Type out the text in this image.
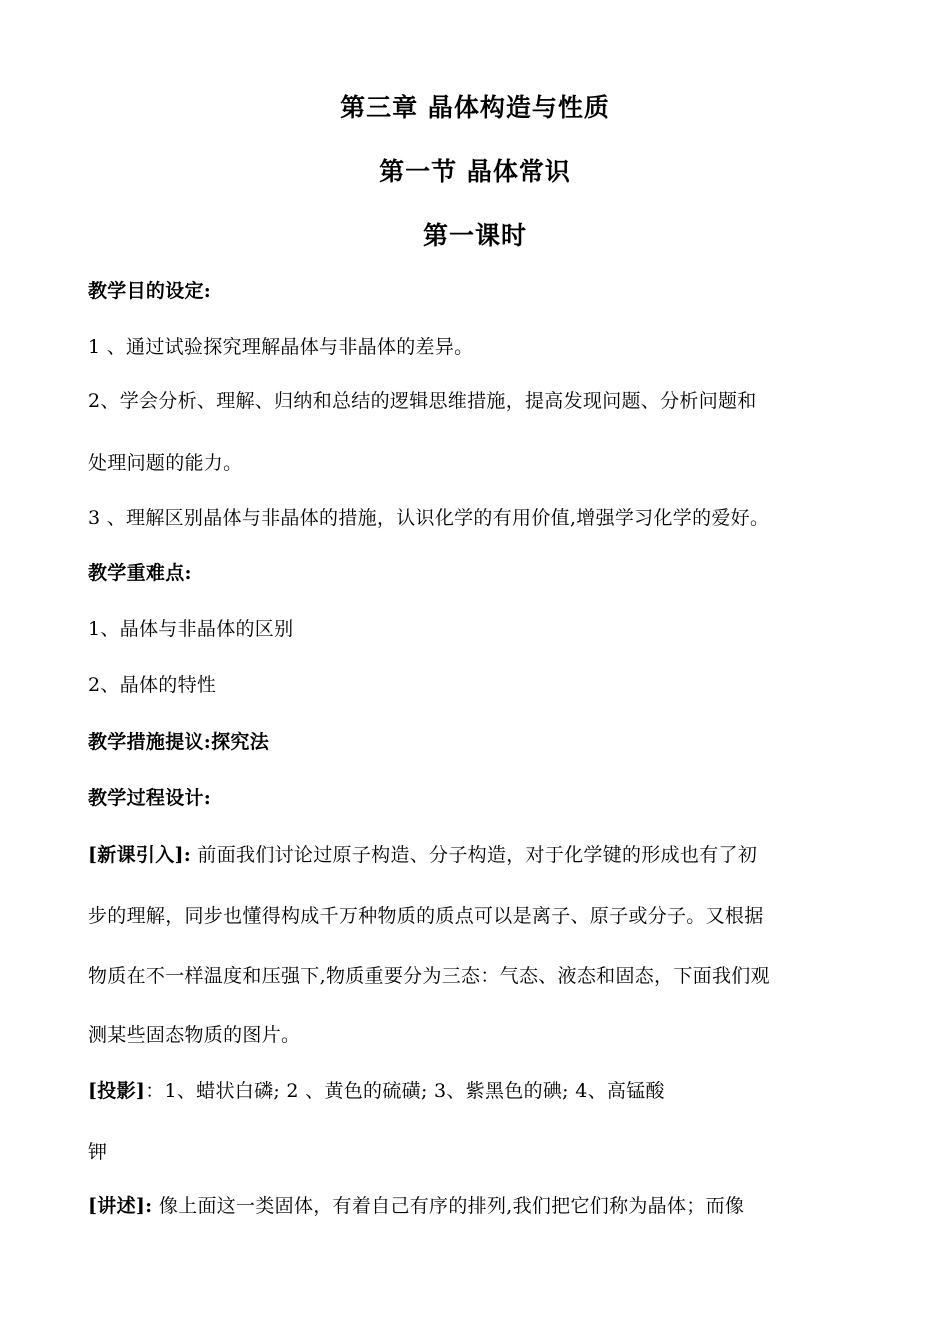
第三章 晶体构造与性质
第一节 晶体常识
第一课时
教学目的设定:
1 、通过试验探究理解晶体与非晶体的差异。
2、学会分析、理解、归纳和总结的逻辑思维措施，提高发现问题、分析问题和
处理问题的能力。
3 、理解区别晶体与非晶体的措施，认识化学的有用价值,增强学习化学的爱好。
教学重难点:
1、晶体与非晶体的区别
2、晶体的特性
教学措施提议:探究法
教学过程设计:
[新课引入]: 前面我们讨论过原子构造、分子构造，对于化学键的形成也有了初
步的理解，同步也懂得构成千万种物质的质点可以是离子、原子或分子。又根据
物质在不一样温度和压强下,物质重要分为三态：气态、液态和固态，下面我们观
测某些固态物质的图片。
[投影]：1、蜡状白磷; 2 、黄色的硫磺; 3、紫黑色的碘; 4、高锰酸
钾
[讲述]: 像上面这一类固体，有着自己有序的排列,我们把它们称为晶体；而像
